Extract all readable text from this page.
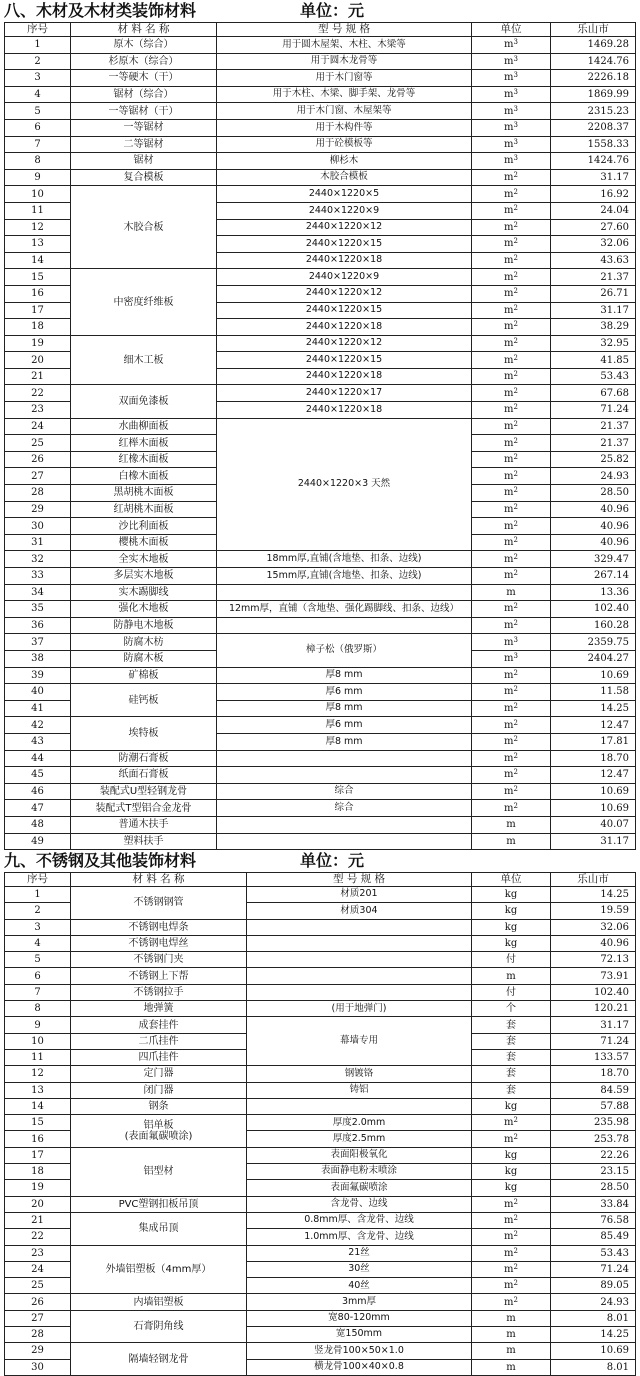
八、木材及木材类装饰材料	单位：元
序号	材 料 名 称	型 号 规 格	单位	乐山市
1	原木（综合）	用于圆木屋架、木柱、木梁等	$m^3$	1469.28
2	杉原木（综合）	用于圆木龙骨等	$m^3$	1424.76
3	一等硬木（干）	用于木门窗等	$m^3$	2226.18
4	锯材（综合）	用于木柱、木梁、脚手架、龙骨等	$m^3$	1869.99
5	一等锯材（干）	用于木门窗、木屋架等	$m^3$	2315.23
6	一等锯材	用于木构件等	$m^3$	2208.37
7	二等锯材	用于砼模板等	$m^3$	1558.33
8	锯材	柳杉木	$m^3$	1424.76
9	复合模板	木胶合模板	$m^2$	31.17
10	木胶合板	2440×1220×5	$m^2$	16.92
11		2440×1220×9	$m^2$	24.04
12		2440×1220×12	$m^2$	27.60
13		2440×1220×15	$m^2$	32.06
14		2440×1220×18	$m^2$	43.63
15	中密度纤维板	2440×1220×9	$m^2$	21.37
16		2440×1220×12	$m^2$	26.71
17		2440×1220×15	$m^2$	31.17
18		2440×1220×18	$m^2$	38.29
19	细木工板	2440×1220×12	$m^2$	32.95
20		2440×1220×15	$m^2$	41.85
21		2440×1220×18	$m^2$	53.43
22	双面免漆板	2440×1220×17	$m^2$	67.68
23		2440×1220×18	$m^2$	71.24
24	水曲柳面板	2440×1220×3 天然	$m^2$	21.37
25	红榉木面板		$m^2$	21.37
26	红橡木面板		$m^2$	25.82
27	白橡木面板		$m^2$	24.93
28	黑胡桃木面板		$m^2$	28.50
29	红胡桃木面板		$m^2$	40.96
30	沙比利面板		$m^2$	40.96
31	樱桃木面板		$m^2$	40.96
32	全实木地板	18mm厚,直铺(含地垫、扣条、边线)	$m^2$	329.47
33	多层实木地板	15mm厚,直铺(含地垫、扣条、边线)	$m^2$	267.14
34	实木踢脚线		m	13.36
35	强化木地板	12mm厚，直铺（含地垫、强化踢脚线、扣条、边线）	$m^2$	102.40
36	防静电木地板		$m^2$	160.28
37	防腐木枋	樟子松（俄罗斯）	$m^3$	2359.75
38	防腐木板		$m^3$	2404.27
39	矿棉板	厚8 mm	$m^2$	10.69
40	硅钙板	厚6 mm	$m^2$	11.58
41		厚8 mm	$m^2$	14.25
42	埃特板	厚6 mm	$m^2$	12.47
43		厚8 mm	$m^2$	17.81
44	防潮石膏板		$m^2$	18.70
45	纸面石膏板		$m^2$	12.47
46	装配式U型轻钢龙骨	综合	$m^2$	10.69
47	装配式T型铝合金龙骨	综合	$m^2$	10.69
48	普通木扶手		m	40.07
49	塑料扶手		m	31.17
九、不锈钢及其他装饰材料	单位：元
序号	材 料 名 称	型 号 规 格	单位	乐山市
1	不锈钢钢管	材质201	kg	14.25
2		材质304	kg	19.59
3	不锈钢电焊条		kg	32.06
4	不锈钢电焊丝		kg	40.96
5	不锈钢门夹		付	72.13
6	不锈钢上下帮		m	73.91
7	不锈钢拉手		付	102.40
8	地弹簧	(用于地弹门)	个	120.21
9	成套挂件	幕墙专用	套	31.17
10	二爪挂件		套	71.24
11	四爪挂件		套	133.57
12	定门器	钢镀铬	套	18.70
13	闭门器	铸铝	套	84.59
14	钢条		kg	57.88
15	铝单板
(表面氟碳喷涂)	厚度2.0mm	$m^2$	235.98
16		厚度2.5mm	$m^2$	253.78
17	铝型材	表面阳极氧化	kg	22.26
18		表面静电粉末喷涂	kg	23.15
19		表面氟碳喷涂	kg	28.50
20	PVC塑钢扣板吊顶	含龙骨、边线	$m^2$	33.84
21	集成吊顶	0.8mm厚、含龙骨、边线	$m^2$	76.58
22		1.0mm厚、含龙骨、边线	$m^2$	85.49
23	外墙铝塑板（4mm厚）	21丝	$m^2$	53.43
24		30丝	$m^2$	71.24
25		40丝	$m^2$	89.05
26	内墙铝塑板	3mm厚	$m^2$	24.93
27	石膏阴角线	宽80-120mm	m	8.01
28		宽150mm	m	14.25
29	隔墙轻钢龙骨	竖龙骨100×50×1.0	m	10.69
30		横龙骨100×40×0.8	m	8.01
